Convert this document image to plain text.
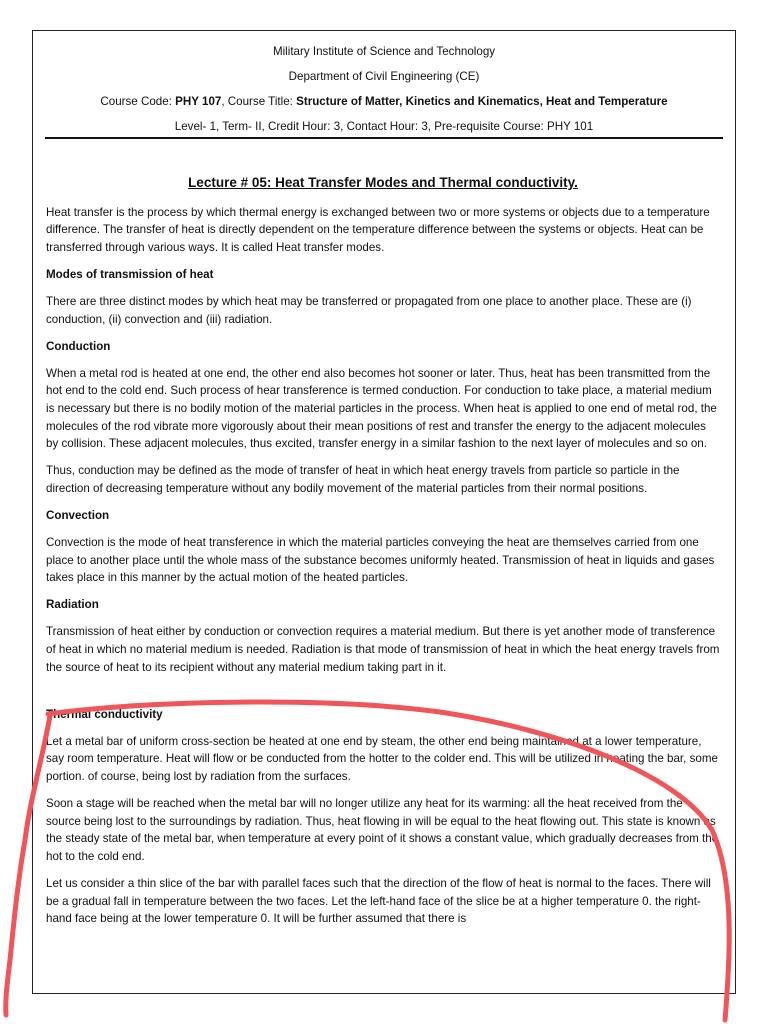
Military Institute of Science and Technology
Department of Civil Engineering (CE)
Course Code: PHY 107, Course Title: Structure of Matter, Kinetics and Kinematics, Heat and Temperature
Level- 1, Term- II, Credit Hour: 3, Contact Hour: 3, Pre-requisite Course: PHY 101
Lecture # 05: Heat Transfer Modes and Thermal conductivity.

Heat transfer is the process by which thermal energy is exchanged between two or more systems or objects due to a temperature difference. The transfer of heat is directly dependent on the temperature difference between the systems or objects. Heat can be transferred through various ways. It is called Heat transfer modes.

Modes of transmission of heat

There are three distinct modes by which heat may be transferred or propagated from one place to another place. These are (i) conduction, (ii) convection and (iii) radiation.

Conduction

When a metal rod is heated at one end, the other end also becomes hot sooner or later. Thus, heat has been transmitted from the hot end to the cold end. Such process of hear transference is termed conduction. For conduction to take place, a material medium is necessary but there is no bodily motion of the material particles in the process. When heat is applied to one end of metal rod, the molecules of the rod vibrate more vigorously about their mean positions of rest and transfer the energy to the adjacent molecules by collision. These adjacent molecules, thus excited, transfer energy in a similar fashion to the next layer of molecules and so on.

Thus, conduction may be defined as the mode of transfer of heat in which heat energy travels from particle so particle in the direction of decreasing temperature without any bodily movement of the material particles from their normal positions.

Convection

Convection is the mode of heat transference in which the material particles conveying the heat are themselves carried from one place to another place until the whole mass of the substance becomes uniformly heated. Transmission of heat in liquids and gases takes place in this manner by the actual motion of the heated particles.

Radiation

Transmission of heat either by conduction or convection requires a material medium. But there is yet another mode of transference of heat in which no material medium is needed. Radiation is that mode of transmission of heat in which the heat energy travels from the source of heat to its recipient without any material medium taking part in it.

Thermal conductivity

Let a metal bar of uniform cross-section be heated at one end by steam, the other end being maintained at a lower temperature, say room temperature. Heat will flow or be conducted from the hotter to the colder end. This will be utilized in heating the bar, some portion. of course, being lost by radiation from the surfaces.

Soon a stage will be reached when the metal bar will no longer utilize any heat for its warming: all the heat received from the source being lost to the surroundings by radiation. Thus, heat flowing in will be equal to the heat flowing out. This state is known as the steady state of the metal bar, when temperature at every point of it shows a constant value, which gradually decreases from the hot to the cold end.

Let us consider a thin slice of the bar with parallel faces such that the direction of the flow of heat is normal to the faces. There will be a gradual fall in temperature between the two faces. Let the left-hand face of the slice be at a higher temperature 0. the right-hand face being at the lower temperature 0. It will be further assumed that there is
